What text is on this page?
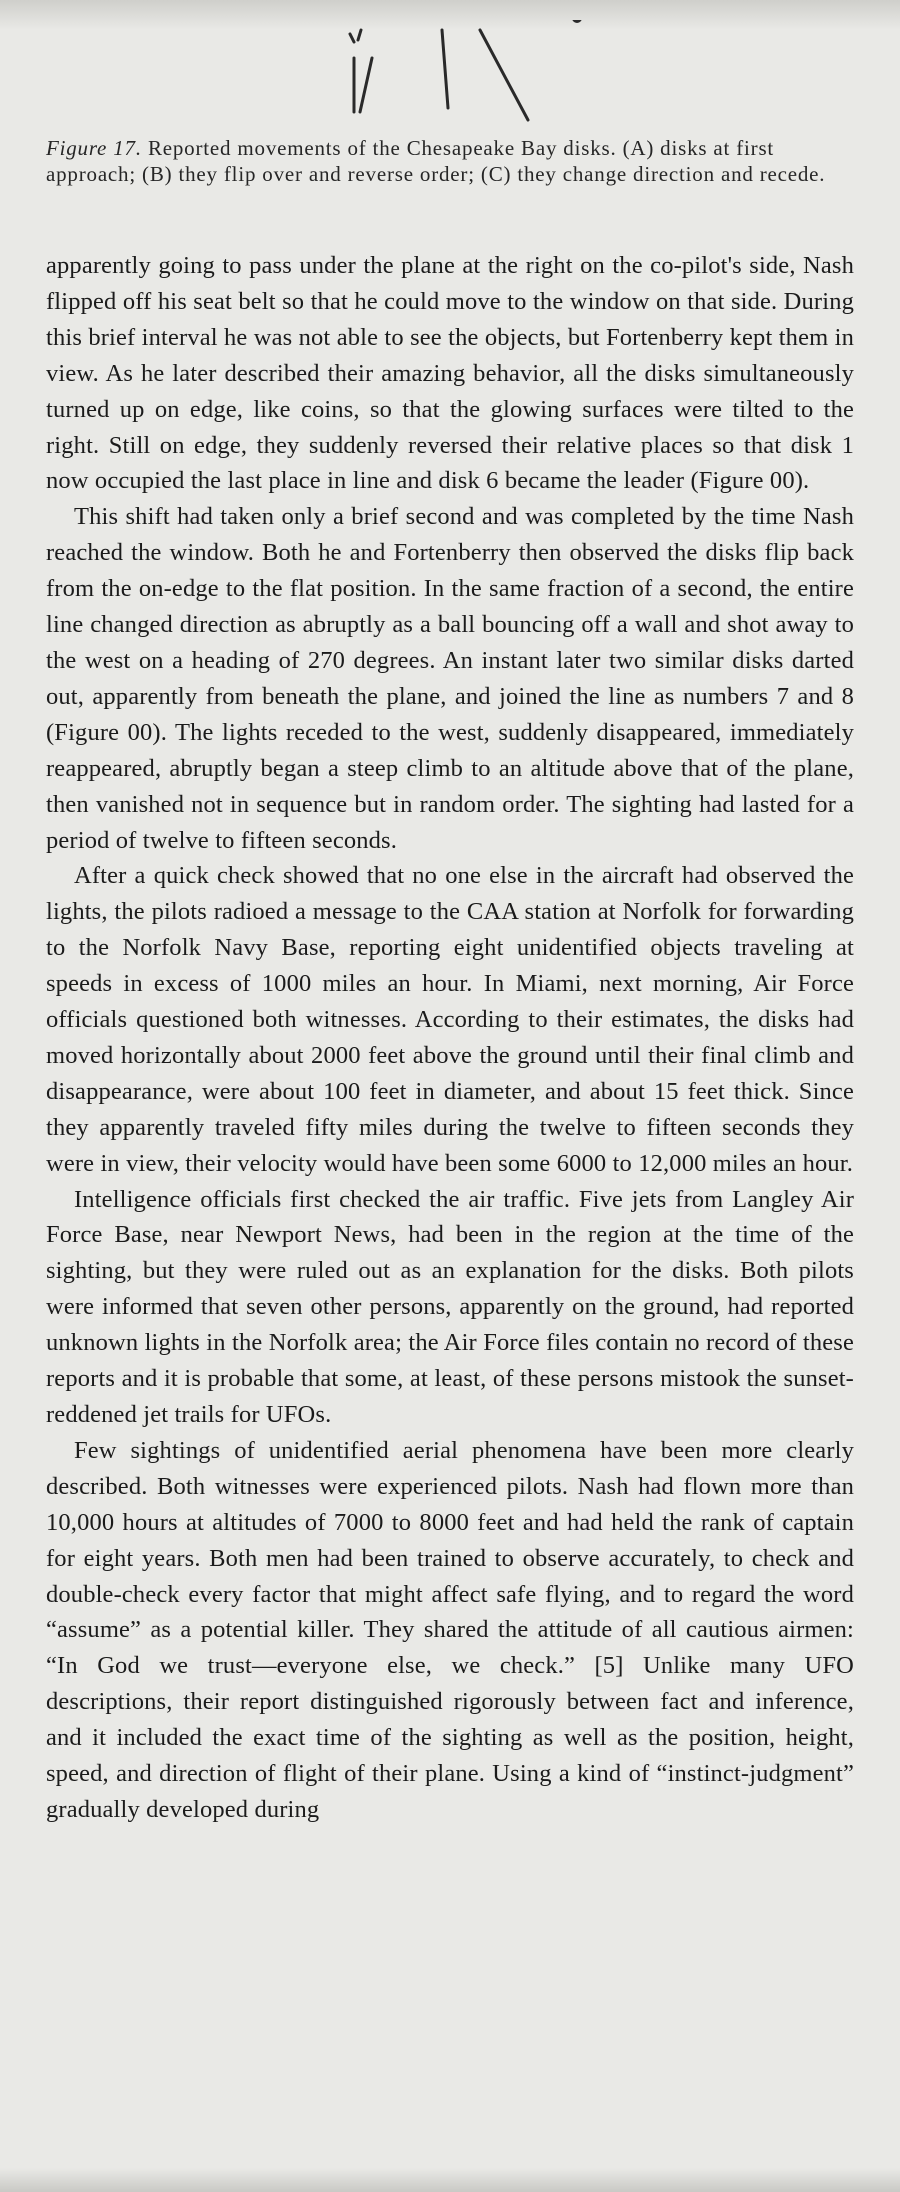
Figure 17. Reported movements of the Chesapeake Bay disks. (A) disks at first approach; (B) they flip over and reverse order; (C) they change direction and recede.

apparently going to pass under the plane at the right on the co-pilot's side, Nash flipped off his seat belt so that he could move to the window on that side. During this brief interval he was not able to see the objects, but Fortenberry kept them in view. As he later described their amazing behavior, all the disks simultaneously turned up on edge, like coins, so that the glowing surfaces were tilted to the right. Still on edge, they suddenly reversed their relative places so that disk 1 now occupied the last place in line and disk 6 became the leader (Figure 00).

This shift had taken only a brief second and was completed by the time Nash reached the window. Both he and Fortenberry then observed the disks flip back from the on-edge to the flat position. In the same fraction of a second, the entire line changed direction as abruptly as a ball bouncing off a wall and shot away to the west on a heading of 270 degrees. An instant later two similar disks darted out, apparently from beneath the plane, and joined the line as numbers 7 and 8 (Figure 00). The lights receded to the west, suddenly disappeared, immediately reappeared, abruptly began a steep climb to an altitude above that of the plane, then vanished not in sequence but in random order. The sighting had lasted for a period of twelve to fifteen seconds.

After a quick check showed that no one else in the aircraft had observed the lights, the pilots radioed a message to the CAA station at Norfolk for forwarding to the Norfolk Navy Base, reporting eight unidentified objects traveling at speeds in excess of 1000 miles an hour. In Miami, next morning, Air Force officials questioned both witnesses. According to their estimates, the disks had moved horizontally about 2000 feet above the ground until their final climb and disappearance, were about 100 feet in diameter, and about 15 feet thick. Since they apparently traveled fifty miles during the twelve to fifteen seconds they were in view, their velocity would have been some 6000 to 12,000 miles an hour.

Intelligence officials first checked the air traffic. Five jets from Langley Air Force Base, near Newport News, had been in the region at the time of the sighting, but they were ruled out as an explanation for the disks. Both pilots were informed that seven other persons, apparently on the ground, had reported unknown lights in the Norfolk area; the Air Force files contain no record of these reports and it is probable that some, at least, of these persons mistook the sunset-reddened jet trails for UFOs.

Few sightings of unidentified aerial phenomena have been more clearly described. Both witnesses were experienced pilots. Nash had flown more than 10,000 hours at altitudes of 7000 to 8000 feet and had held the rank of captain for eight years. Both men had been trained to observe accurately, to check and double-check every factor that might affect safe flying, and to regard the word “assume” as a potential killer. They shared the attitude of all cautious airmen: “In God we trust—everyone else, we check.” [5] Unlike many UFO descriptions, their report distinguished rigorously between fact and inference, and it included the exact time of the sighting as well as the position, height, speed, and direction of flight of their plane. Using a kind of “instinct-judgment” gradually developed during
